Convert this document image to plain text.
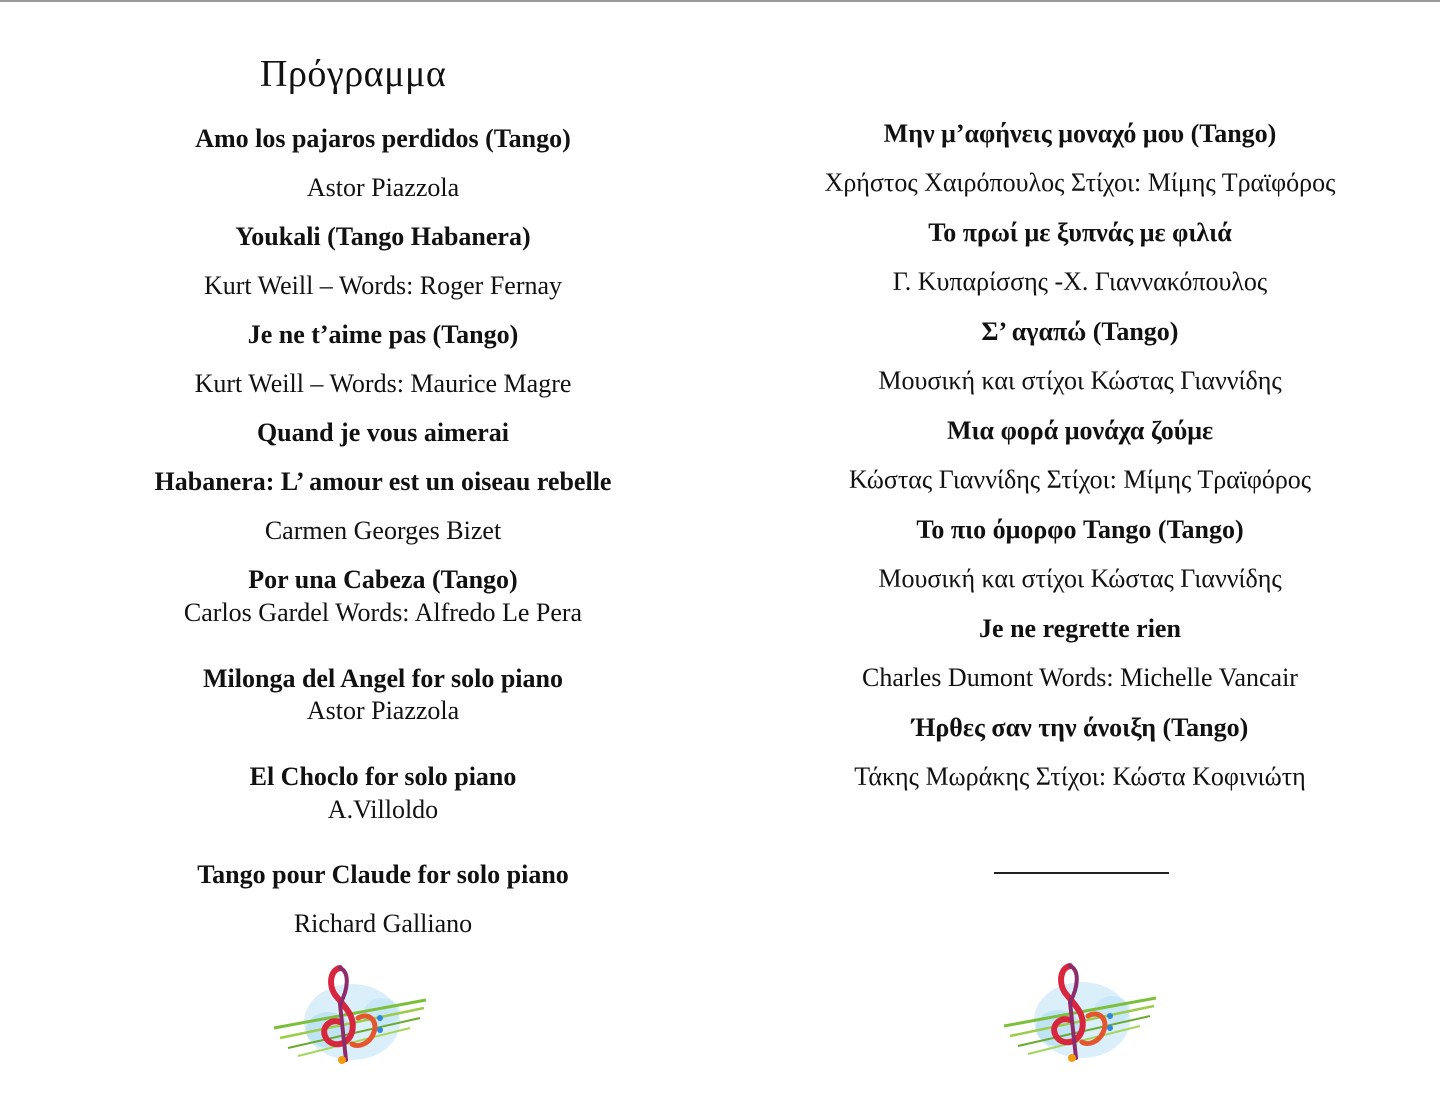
Πρόγραμμα
Amo los pajaros perdidos (Tango)
Astor Piazzola
Youkali (Tango Habanera)
Kurt Weill – Words: Roger Fernay
Je ne t’aime pas (Tango)
Kurt Weill – Words: Maurice Magre
Quand je vous aimerai
Habanera: L’ amour est un oiseau rebelle
Carmen Georges Bizet
Por una Cabeza (Tango)
Carlos Gardel Words: Alfredo Le Pera
Milonga del Angel for solo piano
Astor Piazzola
El Choclo for solo piano
A.Villoldo
Tango pour Claude for solo piano
Richard Galliano
Μην μ’αφήνεις μοναχό μου (Tango)
Χρήστος Χαιρόπουλος Στίχοι: Μίμης Τραϊφόρος
Το πρωί με ξυπνάς με φιλιά
Γ. Κυπαρίσσης -Χ. Γιαννακόπουλος
Σ’ αγαπώ (Tango)
Μουσική και στίχοι Κώστας Γιαννίδης
Μια φορά μονάχα ζούμε
Κώστας Γιαννίδης Στίχοι: Μίμης Τραϊφόρος
Το πιο όμορφο Tango (Tango)
Μουσική και στίχοι Κώστας Γιαννίδης
Je ne regrette rien
Charles Dumont Words: Michelle Vancair
Ήρθες σαν την άνοιξη (Tango)
Τάκης Μωράκης Στίχοι: Κώστα Κοφινιώτη
